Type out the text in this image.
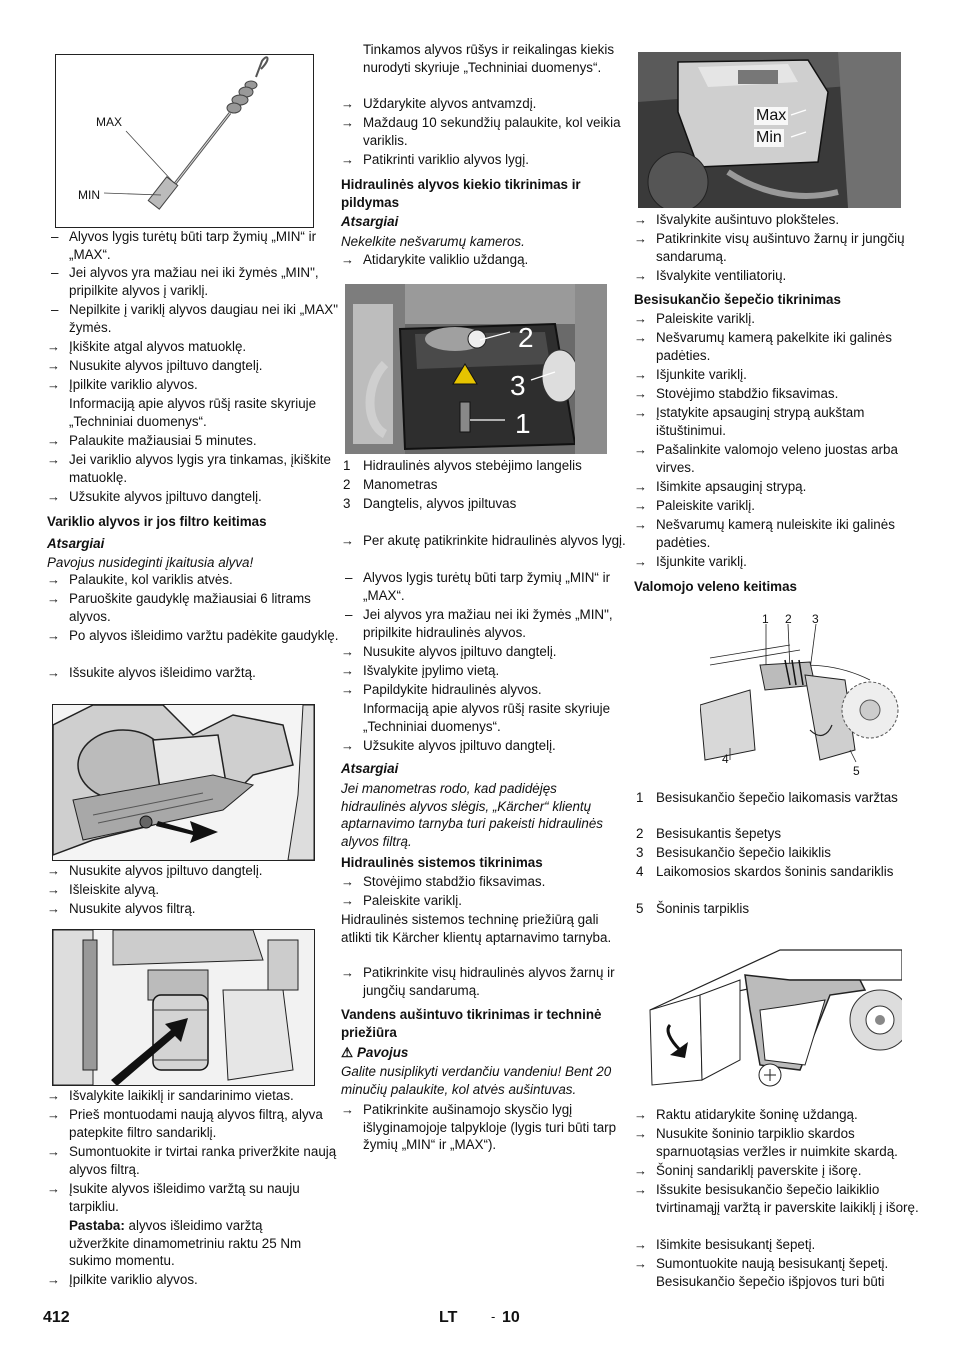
MAX
MIN
– Alyvos lygis turėtų būti tarp žymių „MIN“ ir „MAX“.
– Jei alyvos yra mažiau nei iki žymės „MIN", pripilkite alyvos į variklį.
– Nepilkite į variklį alyvos daugiau nei iki „MAX" žymės.
→ Įkiškite atgal alyvos matuoklę.
→ Nusukite alyvos įpiltuvo dangtelį.
→ Įpilkite variklio alyvos.
Informaciją apie alyvos rūšį rasite skyriuje „Techniniai duomenys“.
→ Palaukite mažiausiai 5 minutes.
→ Jei variklio alyvos lygis yra tinkamas, įkiškite matuoklę.
→ Užsukite alyvos įpiltuvo dangtelį.
Variklio alyvos ir jos filtro keitimas
Atsargiai
Pavojus nusideginti įkaitusia alyva!
→ Palaukite, kol variklis atvės.
→ Paruoškite gaudyklę mažiausiai 6 litrams alyvos.
→ Po alyvos išleidimo varžtu padėkite gaudyklę.
→ Išsukite alyvos išleidimo varžtą.
→ Nusukite alyvos įpiltuvo dangtelį.
→ Išleiskite alyvą.
→ Nusukite alyvos filtrą.
→ Išvalykite laikiklį ir sandarinimo vietas.
→ Prieš montuodami naują alyvos filtrą, alyva patepkite filtro sandariklį.
→ Sumontuokite ir tvirtai ranka priveržkite naują alyvos filtrą.
→ Įsukite alyvos išleidimo varžtą su nauju tarpikliu.
Pastaba: alyvos išleidimo varžtą užveržkite dinamometriniu raktu 25 Nm sukimo momentu.
→ Įpilkite variklio alyvos.
Tinkamos alyvos rūšys ir reikalingas kiekis nurodyti skyriuje „Techniniai duomenys“.
→ Uždarykite alyvos antvamzdį.
→ Maždaug 10 sekundžių palaukite, kol veikia variklis.
→ Patikrinti variklio alyvos lygį.
Hidraulinės alyvos kiekio tikrinimas ir pildymas
Atsargiai
Nekelkite nešvarumų kameros.
→ Atidarykite valiklio uždangą.
2
3
1
1 Hidraulinės alyvos stebėjimo langelis
2 Manometras
3 Dangtelis, alyvos įpiltuvas
→ Per akutę patikrinkite hidraulinės alyvos lygį.
– Alyvos lygis turėtų būti tarp žymių „MIN“ ir „MAX“.
– Jei alyvos yra mažiau nei iki žymės „MIN", pripilkite hidraulinės alyvos.
→ Nusukite alyvos įpiltuvo dangtelį.
→ Išvalykite įpylimo vietą.
→ Papildykite hidraulinės alyvos.
Informaciją apie alyvos rūšį rasite skyriuje „Techniniai duomenys“.
→ Užsukite alyvos įpiltuvo dangtelį.
Atsargiai
Jei manometras rodo, kad padidėjęs hidraulinės alyvos slėgis, „Kärcher“ klientų aptarnavimo tarnyba turi pakeisti hidraulinės alyvos filtrą.
Hidraulinės sistemos tikrinimas
→ Stovėjimo stabdžio fiksavimas.
→ Paleiskite variklį.
Hidraulinės sistemos techninę priežiūrą gali atlikti tik Kärcher klientų aptarnavimo tarnyba.
→ Patikrinkite visų hidraulinės alyvos žarnų ir jungčių sandarumą.
Vandens aušintuvo tikrinimas ir techninė priežiūra
⚠ Pavojus
Galite nusiplikyti verdančiu vandeniu! Bent 20 minučių palaukite, kol atvės aušintuvas.
→ Patikrinkite aušinamojo skysčio lygį išlyginamojoje talpykloje (lygis turi būti tarp žymių „MIN“ ir „MAX“).
Max
Min
→ Išvalykite aušintuvo plokšteles.
→ Patikrinkite visų aušintuvo žarnų ir jungčių sandarumą.
→ Išvalykite ventiliatorių.
Besisukančio šepečio tikrinimas
→ Paleiskite variklį.
→ Nešvarumų kamerą pakelkite iki galinės padėties.
→ Išjunkite variklį.
→ Stovėjimo stabdžio fiksavimas.
→ Įstatykite apsauginį strypą aukštam ištuštinimui.
→ Pašalinkite valomojo veleno juostas arba virves.
→ Išimkite apsauginį strypą.
→ Paleiskite variklį.
→ Nešvarumų kamerą nuleiskite iki galinės padėties.
→ Išjunkite variklį.
Valomojo veleno keitimas
1 2 3
4
5
1 Besisukančio šepečio laikomasis varžtas
2 Besisukantis šepetys
3 Besisukančio šepečio laikiklis
4 Laikomosios skardos šoninis sandariklis
5 Šoninis tarpiklis
→ Raktu atidarykite šoninę uždangą.
→ Nusukite šoninio tarpiklio skardos sparnuotąsias veržles ir nuimkite skardą.
→ Šoninį sandariklį paverskite į išorę.
→ Išsukite besisukančio šepečio laikiklio tvirtinamąjį varžtą ir paverskite laikiklį į išorę.
→ Išimkite besisukantį šepetį.
→ Sumontuokite naują besisukantį šepetį. Besisukančio šepečio išpjovos turi būti
412	LT	- 10
